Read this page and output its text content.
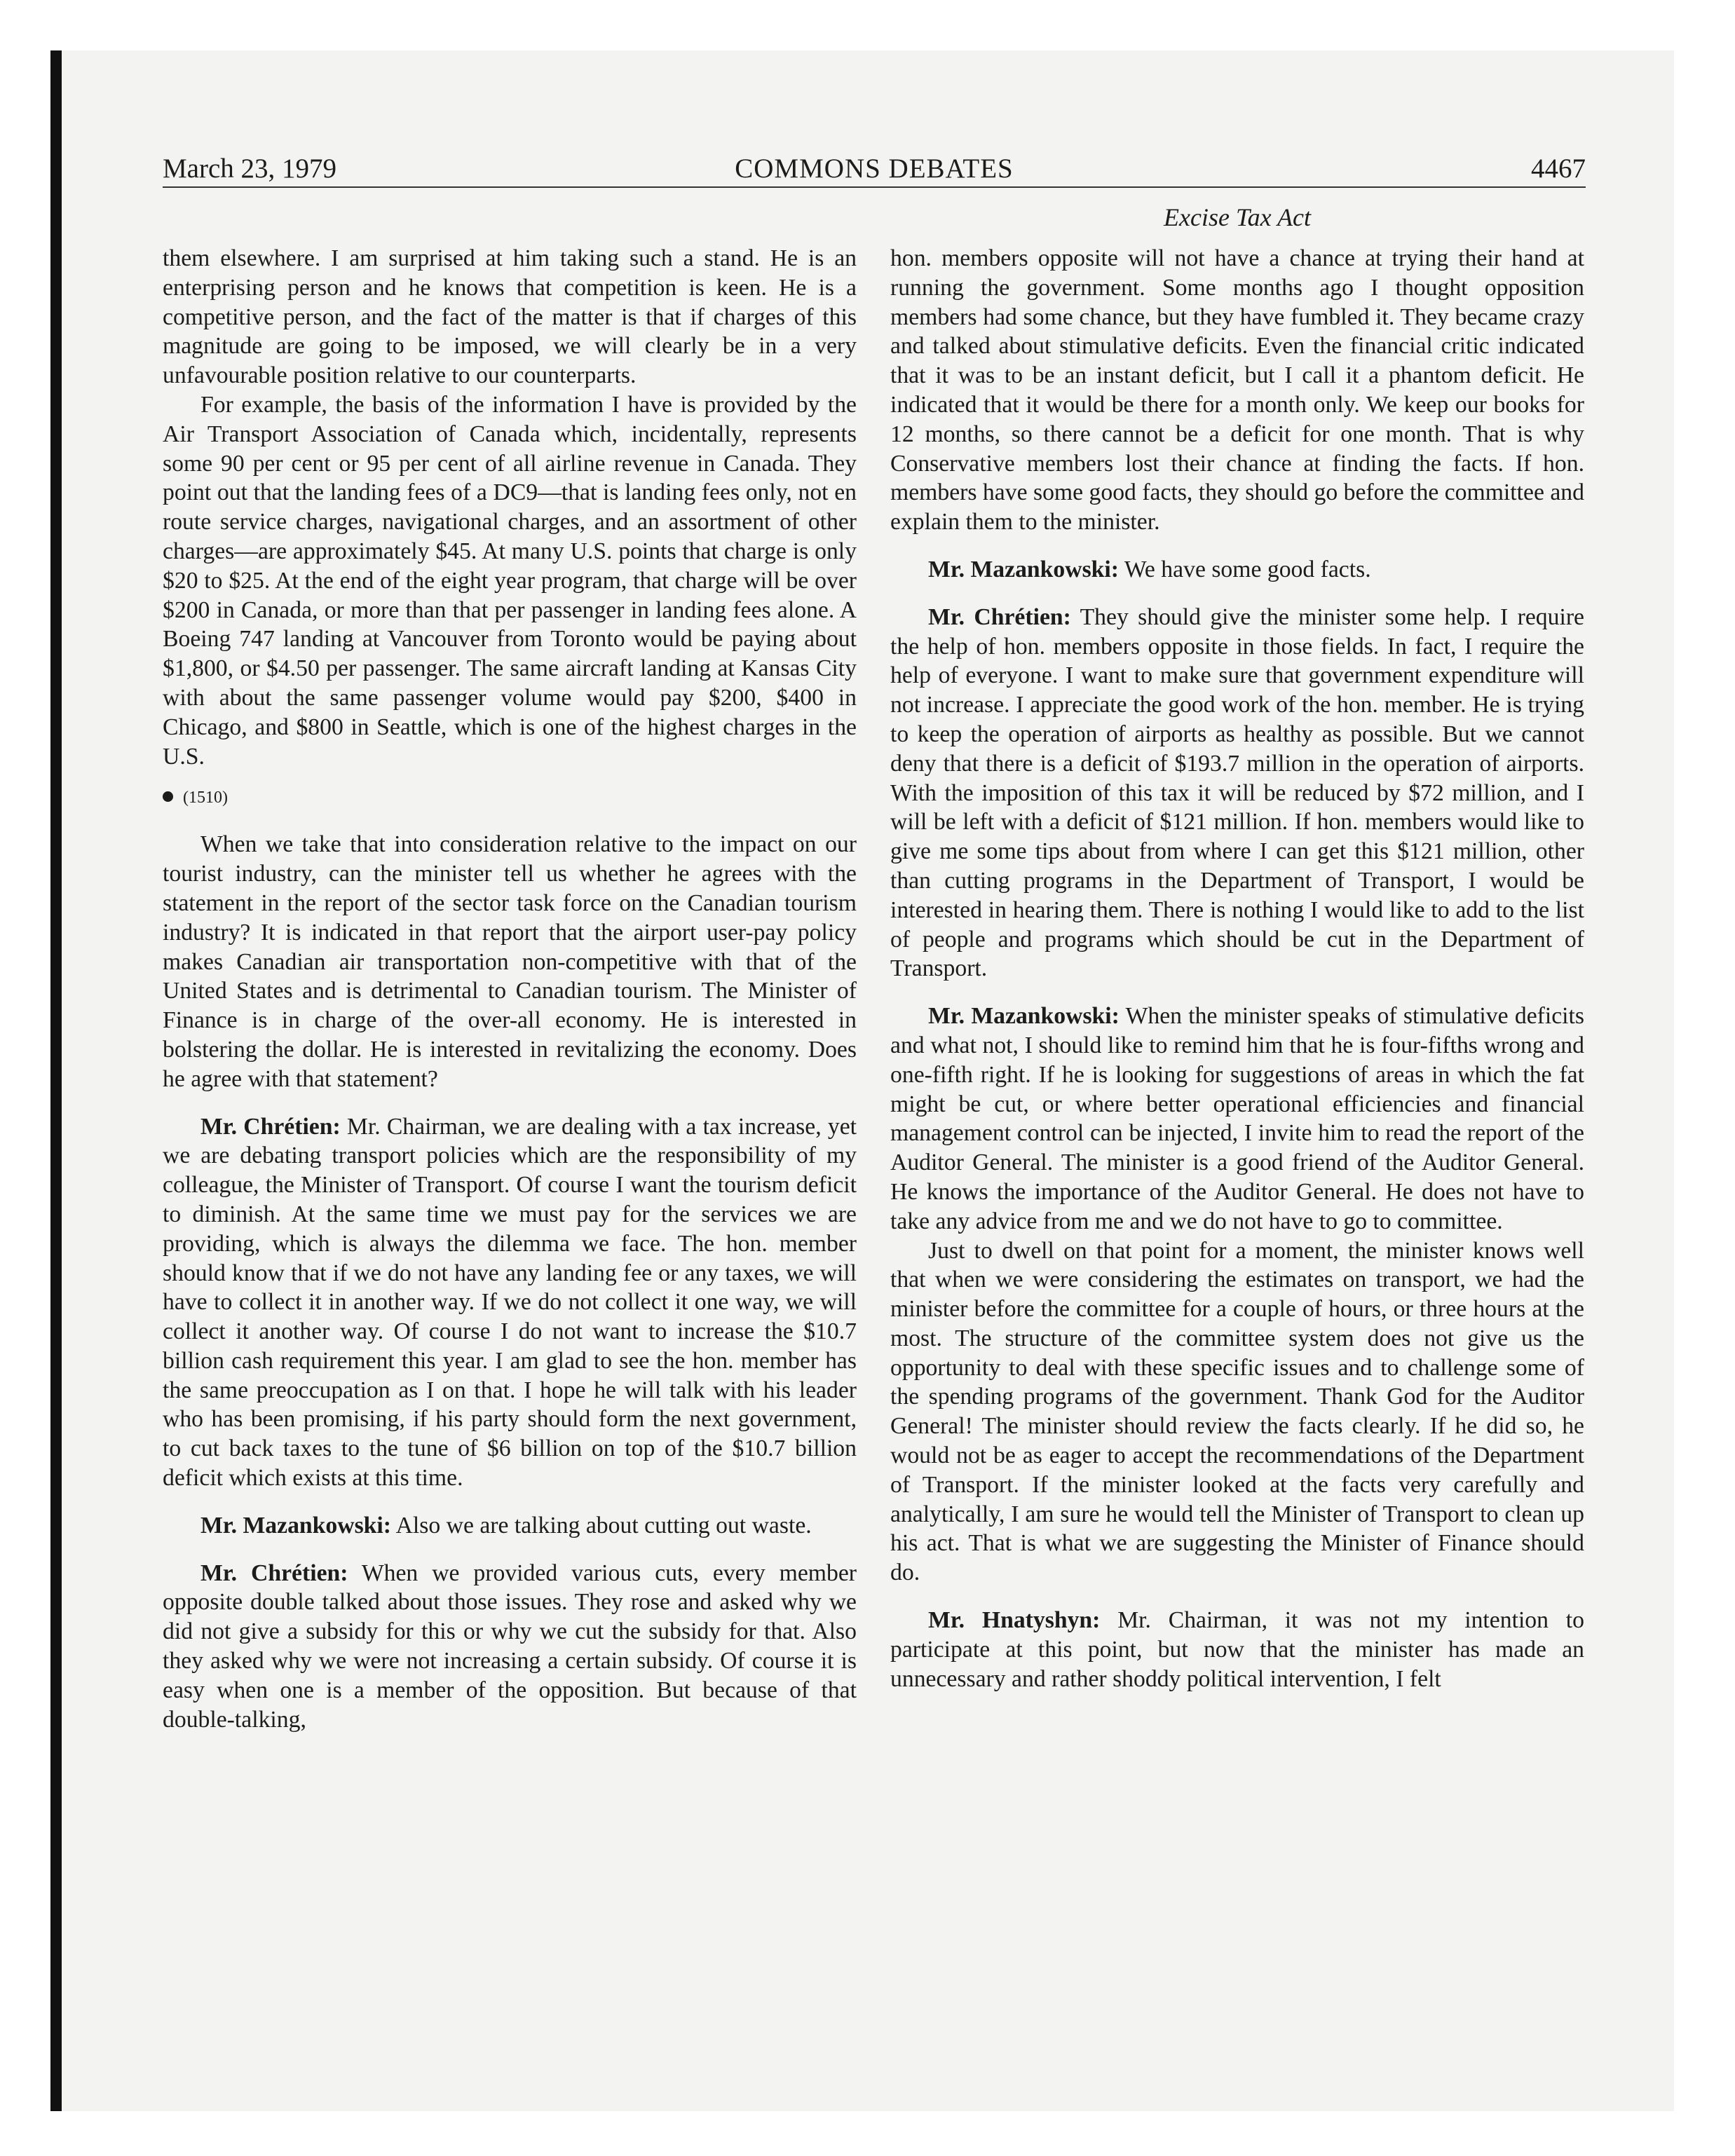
March 23, 1979	COMMONS DEBATES	4467
Excise Tax Act

them elsewhere. I am surprised at him taking such a stand. He is an enterprising person and he knows that competition is keen. He is a competitive person, and the fact of the matter is that if charges of this magnitude are going to be imposed, we will clearly be in a very unfavourable position relative to our counterparts.

For example, the basis of the information I have is provided by the Air Transport Association of Canada which, incidentally, represents some 90 per cent or 95 per cent of all airline revenue in Canada. They point out that the landing fees of a DC9—that is landing fees only, not en route service charges, navigational charges, and an assortment of other charges—are approximately $45. At many U.S. points that charge is only $20 to $25. At the end of the eight year program, that charge will be over $200 in Canada, or more than that per passenger in landing fees alone. A Boeing 747 landing at Vancouver from Toronto would be paying about $1,800, or $4.50 per passenger. The same aircraft landing at Kansas City with about the same passenger volume would pay $200, $400 in Chicago, and $800 in Seattle, which is one of the highest charges in the U.S.

(1510)

When we take that into consideration relative to the impact on our tourist industry, can the minister tell us whether he agrees with the statement in the report of the sector task force on the Canadian tourism industry? It is indicated in that report that the airport user-pay policy makes Canadian air transportation non-competitive with that of the United States and is detrimental to Canadian tourism. The Minister of Finance is in charge of the over-all economy. He is interested in bolstering the dollar. He is interested in revitalizing the economy. Does he agree with that statement?

Mr. Chrétien: Mr. Chairman, we are dealing with a tax increase, yet we are debating transport policies which are the responsibility of my colleague, the Minister of Transport. Of course I want the tourism deficit to diminish. At the same time we must pay for the services we are providing, which is always the dilemma we face. The hon. member should know that if we do not have any landing fee or any taxes, we will have to collect it in another way. If we do not collect it one way, we will collect it another way. Of course I do not want to increase the $10.7 billion cash requirement this year. I am glad to see the hon. member has the same preoccupation as I on that. I hope he will talk with his leader who has been promising, if his party should form the next government, to cut back taxes to the tune of $6 billion on top of the $10.7 billion deficit which exists at this time.

Mr. Mazankowski: Also we are talking about cutting out waste.

Mr. Chrétien: When we provided various cuts, every member opposite double talked about those issues. They rose and asked why we did not give a subsidy for this or why we cut the subsidy for that. Also they asked why we were not increasing a certain subsidy. Of course it is easy when one is a member of the opposition. But because of that double-talking,

hon. members opposite will not have a chance at trying their hand at running the government. Some months ago I thought opposition members had some chance, but they have fumbled it. They became crazy and talked about stimulative deficits. Even the financial critic indicated that it was to be an instant deficit, but I call it a phantom deficit. He indicated that it would be there for a month only. We keep our books for 12 months, so there cannot be a deficit for one month. That is why Conservative members lost their chance at finding the facts. If hon. members have some good facts, they should go before the committee and explain them to the minister.

Mr. Mazankowski: We have some good facts.

Mr. Chrétien: They should give the minister some help. I require the help of hon. members opposite in those fields. In fact, I require the help of everyone. I want to make sure that government expenditure will not increase. I appreciate the good work of the hon. member. He is trying to keep the operation of airports as healthy as possible. But we cannot deny that there is a deficit of $193.7 million in the operation of airports. With the imposition of this tax it will be reduced by $72 million, and I will be left with a deficit of $121 million. If hon. members would like to give me some tips about from where I can get this $121 million, other than cutting programs in the Department of Transport, I would be interested in hearing them. There is nothing I would like to add to the list of people and programs which should be cut in the Department of Transport.

Mr. Mazankowski: When the minister speaks of stimulative deficits and what not, I should like to remind him that he is four-fifths wrong and one-fifth right. If he is looking for suggestions of areas in which the fat might be cut, or where better operational efficiencies and financial management control can be injected, I invite him to read the report of the Auditor General. The minister is a good friend of the Auditor General. He knows the importance of the Auditor General. He does not have to take any advice from me and we do not have to go to committee.

Just to dwell on that point for a moment, the minister knows well that when we were considering the estimates on transport, we had the minister before the committee for a couple of hours, or three hours at the most. The structure of the committee system does not give us the opportunity to deal with these specific issues and to challenge some of the spending programs of the government. Thank God for the Auditor General! The minister should review the facts clearly. If he did so, he would not be as eager to accept the recommendations of the Department of Transport. If the minister looked at the facts very carefully and analytically, I am sure he would tell the Minister of Transport to clean up his act. That is what we are suggesting the Minister of Finance should do.

Mr. Hnatyshyn: Mr. Chairman, it was not my intention to participate at this point, but now that the minister has made an unnecessary and rather shoddy political intervention, I felt
